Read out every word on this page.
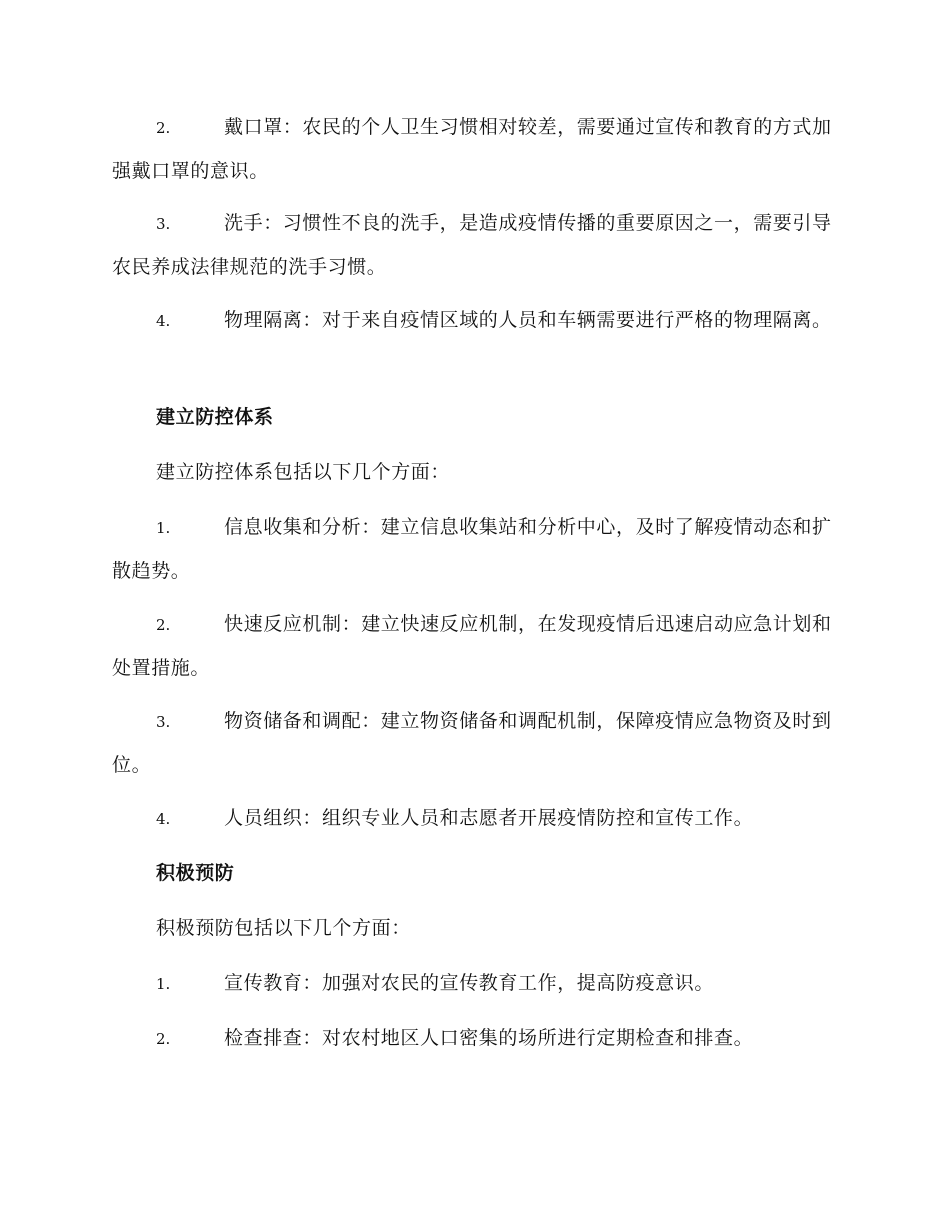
2.	戴口罩：农民的个人卫生习惯相对较差，需要通过宣传和教育的方式加强戴口罩的意识。
3.	洗手：习惯性不良的洗手，是造成疫情传播的重要原因之一，需要引导农民养成法律规范的洗手习惯。
4.	物理隔离：对于来自疫情区域的人员和车辆需要进行严格的物理隔离。
建立防控体系
建立防控体系包括以下几个方面：
1.	信息收集和分析：建立信息收集站和分析中心，及时了解疫情动态和扩散趋势。
2.	快速反应机制：建立快速反应机制，在发现疫情后迅速启动应急计划和处置措施。
3.	物资储备和调配：建立物资储备和调配机制，保障疫情应急物资及时到位。
4.	人员组织：组织专业人员和志愿者开展疫情防控和宣传工作。
积极预防
积极预防包括以下几个方面：
1.	宣传教育：加强对农民的宣传教育工作，提高防疫意识。
2.	检查排查：对农村地区人口密集的场所进行定期检查和排查。
